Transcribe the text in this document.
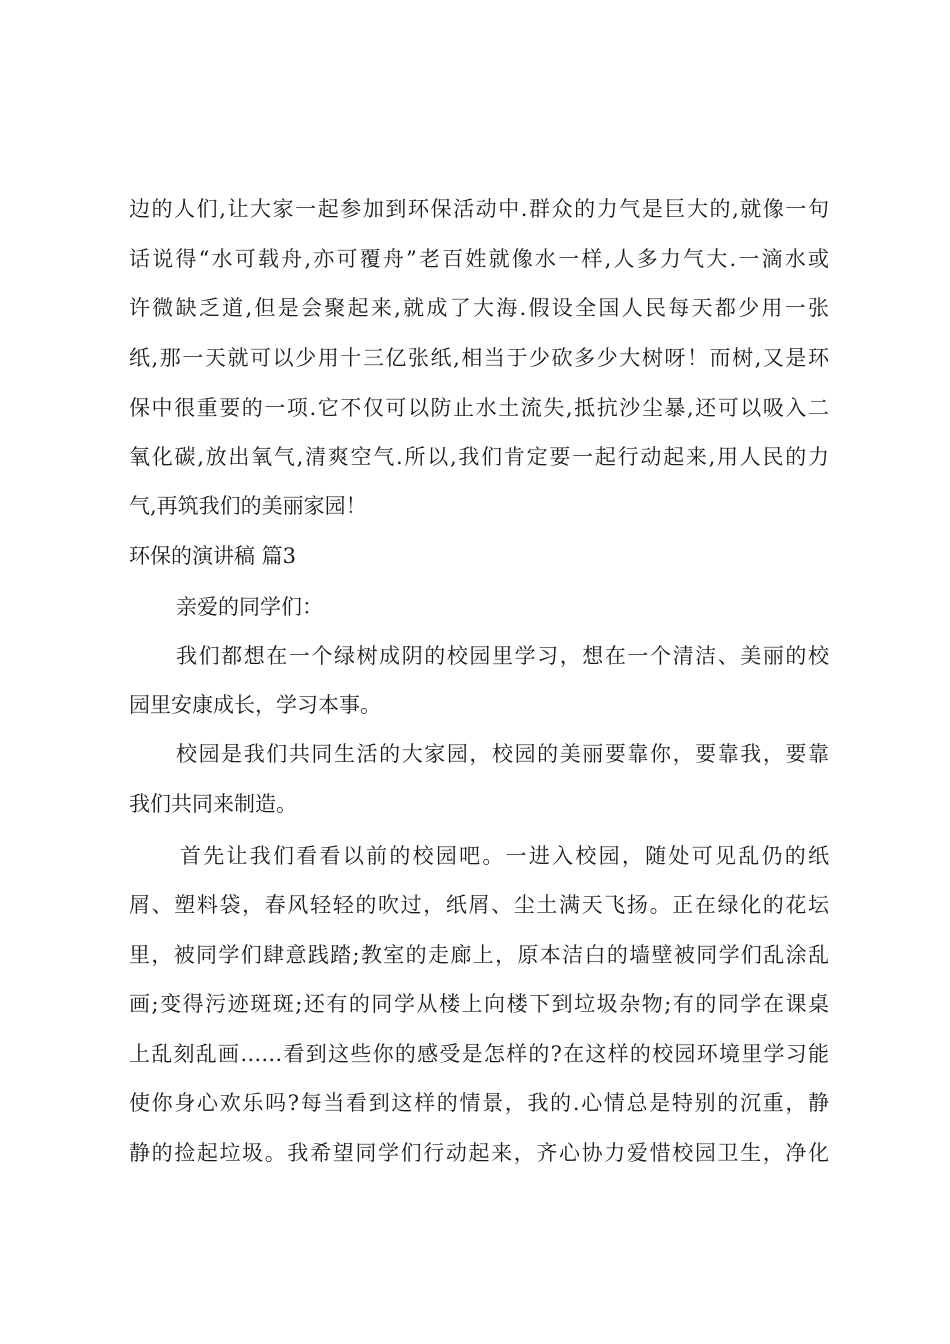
边的人们,让大家一起参加到环保活动中.群众的力气是巨大的,就像一句
话说得“水可载舟,亦可覆舟”老百姓就像水一样,人多力气大.一滴水或
许微缺乏道,但是会聚起来,就成了大海.假设全国人民每天都少用一张
纸,那一天就可以少用十三亿张纸,相当于少砍多少大树呀！而树,又是环
保中很重要的一项.它不仅可以防止水土流失,抵抗沙尘暴,还可以吸入二
氧化碳,放出氧气,清爽空气.所以,我们肯定要一起行动起来,用人民的力
气,再筑我们的美丽家园！
环保的演讲稿 篇3
亲爱的同学们：
我们都想在一个绿树成阴的校园里学习，想在一个清洁、美丽的校
园里安康成长，学习本事。
校园是我们共同生活的大家园，校园的美丽要靠你，要靠我，要靠
我们共同来制造。
首先让我们看看以前的校园吧。一进入校园，随处可见乱仍的纸
屑、塑料袋，春风轻轻的吹过，纸屑、尘土满天飞扬。正在绿化的花坛
里，被同学们肆意践踏;教室的走廊上，原本洁白的墙壁被同学们乱涂乱
画;变得污迹斑斑;还有的同学从楼上向楼下到垃圾杂物;有的同学在课桌
上乱刻乱画……看到这些你的感受是怎样的?在这样的校园环境里学习能
使你身心欢乐吗?每当看到这样的情景，我的.心情总是特别的沉重，静
静的捡起垃圾。我希望同学们行动起来，齐心协力爱惜校园卫生，净化
